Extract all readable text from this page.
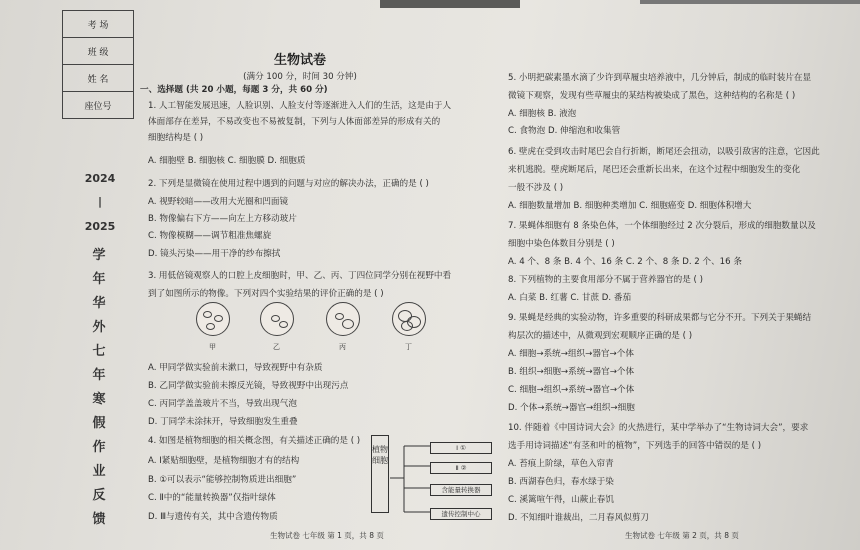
考 场
班 级
姓 名
座位号
2024
|
2025
学
年
华
外
七
年
寒
假
作
业
反
馈
生物试卷
(满分 100 分，时间 30 分钟)
一、选择题 (共 20 小题，每题 3 分，共 60 分)
1. 人工智能发展迅速，人脸识别、人脸支付等逐渐进入人们的生活，这是由于人
体面部存在差异，不易改变也不易被复制，下列与人体面部差异的形成有关的
细胞结构是 ( )
A. 细胞壁 B. 细胞核 C. 细胞膜 D. 细胞质
2. 下列是显微镜在使用过程中遇到的问题与对应的解决办法，正确的是 ( )
A. 视野较暗——改用大光圈和凹面镜
B. 物像偏右下方——向左上方移动玻片
C. 物像模糊——调节粗准焦螺旋
D. 镜头污染——用干净的纱布擦拭
3. 用低倍镜观察人的口腔上皮细胞时，甲、乙、丙、丁四位同学分别在视野中看
到了如图所示的物像。下列对四个实验结果的评价正确的是 ( )
A. 甲同学做实验前未漱口，导致视野中有杂质
B. 乙同学做实验前未擦反光镜，导致视野中出现污点
C. 丙同学盖盖玻片不当，导致出现气泡
D. 丁同学未涂抹开，导致细胞发生重叠
4. 如图是植物细胞的相关概念图，有关描述正确的是 ( )
A. Ⅰ紧贴细胞壁，是植物细胞才有的结构
B. ①可以表示“能够控制物质进出细胞”
C. Ⅱ中的“能量转换器”仅指叶绿体
D. Ⅲ与遗传有关，其中含遗传物质
甲	乙	丙	丁
植物细胞
Ⅰ ①
Ⅱ ②
含能量转换器
遗传控制中心
5. 小明把碳素墨水滴了少许到草履虫培养液中，几分钟后，制成的临时装片在显
微镜下观察，发现有些草履虫的某结构被染成了黑色，这种结构的名称是 ( )
A. 细胞核 B. 液泡
C. 食物泡 D. 伸缩泡和收集管
6. 壁虎在受到攻击时尾巴会自行折断，断尾还会扭动，以吸引敌害的注意，它因此
来机逃脱。壁虎断尾后，尾巴还会重新长出来，在这个过程中细胞发生的变化
一般不涉及 ( )
A. 细胞数量增加 B. 细胞种类增加 C. 细胞癌变 D. 细胞体积增大
7. 果蝇体细胞有 8 条染色体，一个体细胞经过 2 次分裂后，形成的细胞数量以及
细胞中染色体数目分别是 ( )
A. 4 个、8 条 B. 4 个、16 条 C. 2 个、8 条 D. 2 个、16 条
8. 下列植物的主要食用部分不属于营养器官的是 ( )
A. 白菜 B. 红薯 C. 甘蔗 D. 番茄
9. 果蝇是经典的实验动物，许多重要的科研成果都与它分不开。下列关于果蝇结
构层次的描述中，从微观到宏观顺序正确的是 ( )
A. 细胞→系统→组织→器官→个体
B. 组织→细胞→系统→器官→个体
C. 细胞→组织→系统→器官→个体
D. 个体→系统→器官→组织→细胞
10. 伴随着《中国诗词大会》的火热进行，某中学举办了“生物诗词大会”，要求
选手用诗词描述“有茎和叶的植物”，下列选手的回答中错误的是 ( )
A. 苔痕上阶绿，草色入帘青
B. 西湖春色归，春水绿于染
C. 溪篱喧午得，山蕨止春饥
D. 不知细叶谁裁出，二月春风似剪刀
生物试卷 七年级 第 1 页，共 8 页	生物试卷 七年级 第 2 页，共 8 页
